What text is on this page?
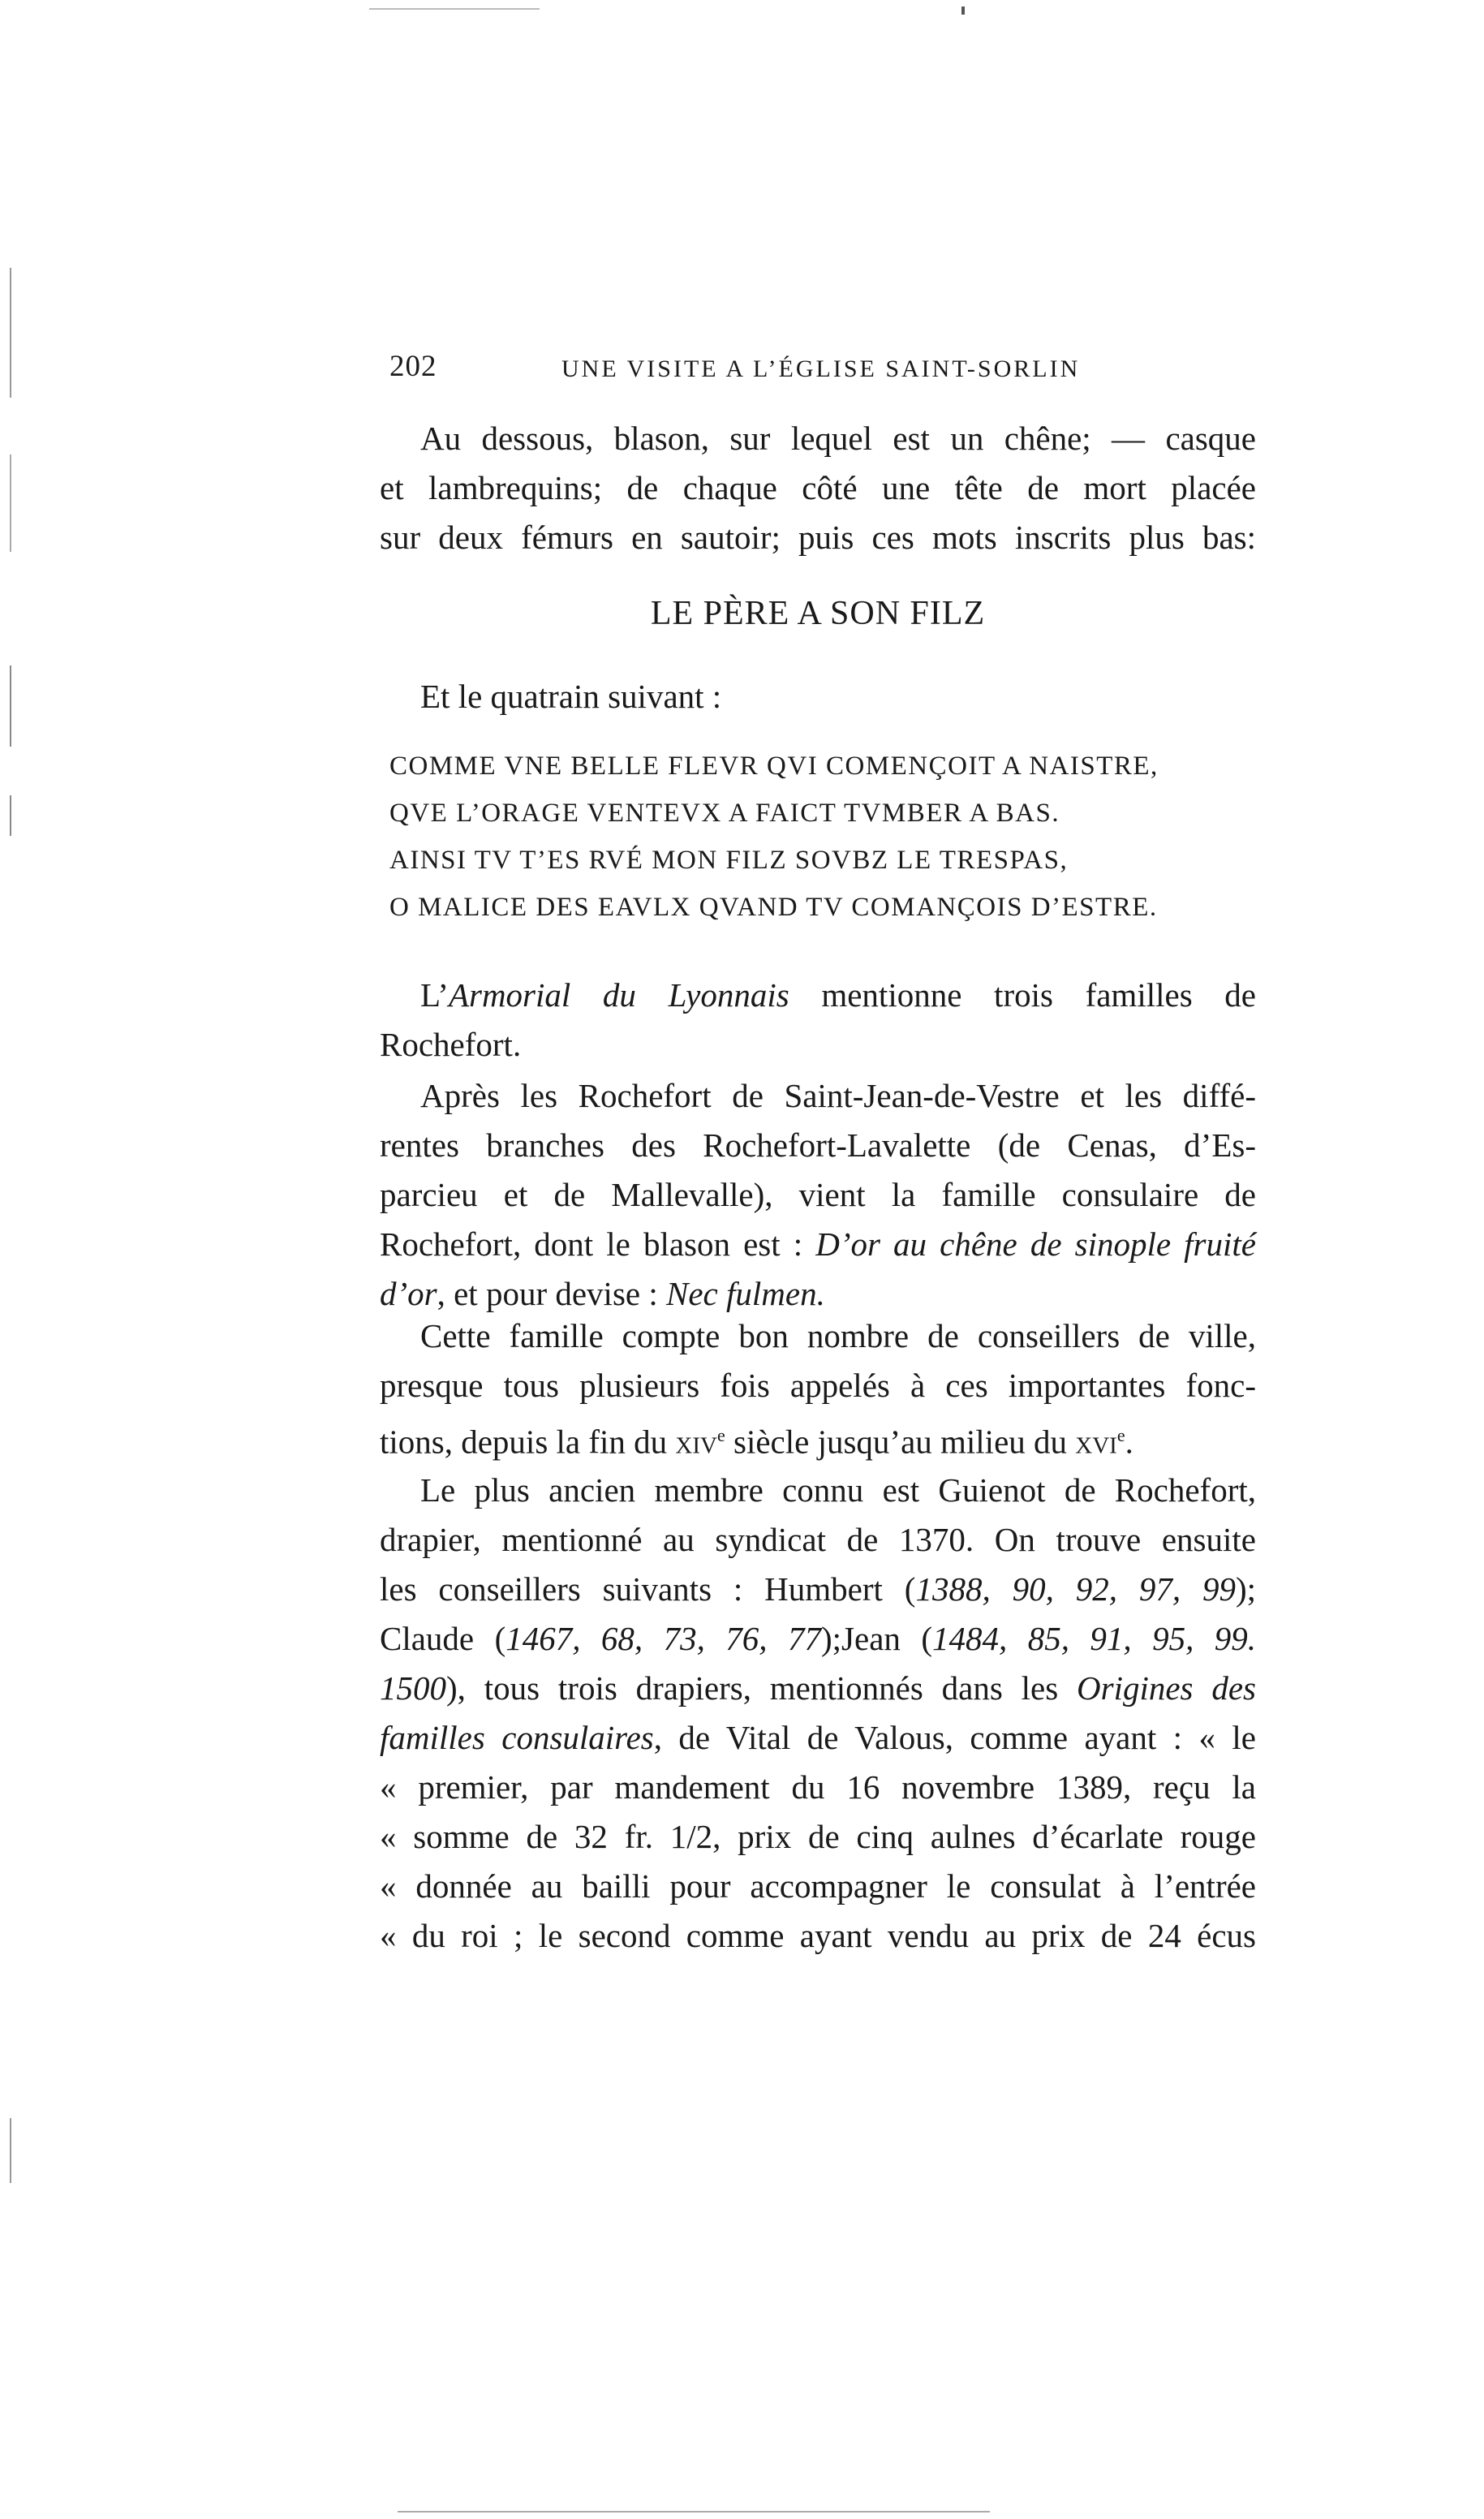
202	UNE VISITE A L’ÉGLISE SAINT-SORLIN
Au dessous, blason, sur lequel est un chêne; — casque
et lambrequins; de chaque côté une tête de mort placée
sur deux fémurs en sautoir; puis ces mots inscrits plus bas:
LE PÈRE A SON FILZ
Et le quatrain suivant :
COMME VNE BELLE FLEVR QVI COMENÇOIT A NAISTRE,
QVE L’ORAGE VENTEVX A FAICT TVMBER A BAS.
AINSI TV T’ES RVÉ MON FILZ SOVBZ LE TRESPAS,
O MALICE DES EAVLX QVAND TV COMANÇOIS D’ESTRE.
L’Armorial du Lyonnais mentionne trois familles de
Rochefort.
Après les Rochefort de Saint-Jean-de-Vestre et les diffé-
rentes branches des Rochefort-Lavalette (de Cenas, d’Es-
parcieu et de Mallevalle), vient la famille consulaire de
Rochefort, dont le blason est : D’or au chêne de sinople fruité
d’or, et pour devise : Nec fulmen.
Cette famille compte bon nombre de conseillers de ville,
presque tous plusieurs fois appelés à ces importantes fonc-
tions, depuis la fin du xiv$^e$ siècle jusqu’au milieu du xvi$^e$.
Le plus ancien membre connu est Guienot de Rochefort,
drapier, mentionné au syndicat de 1370. On trouve ensuite
les conseillers suivants : Humbert (1388, 90, 92, 97, 99);
Claude (1467, 68, 73, 76, 77);Jean (1484, 85, 91, 95, 99.
1500), tous trois drapiers, mentionnés dans les Origines des
familles consulaires, de Vital de Valous, comme ayant : « le
« premier, par mandement du 16 novembre 1389, reçu la
« somme de 32 fr. 1/2, prix de cinq aulnes d’écarlate rouge
« donnée au bailli pour accompagner le consulat à l’entrée
« du roi ; le second comme ayant vendu au prix de 24 écus
